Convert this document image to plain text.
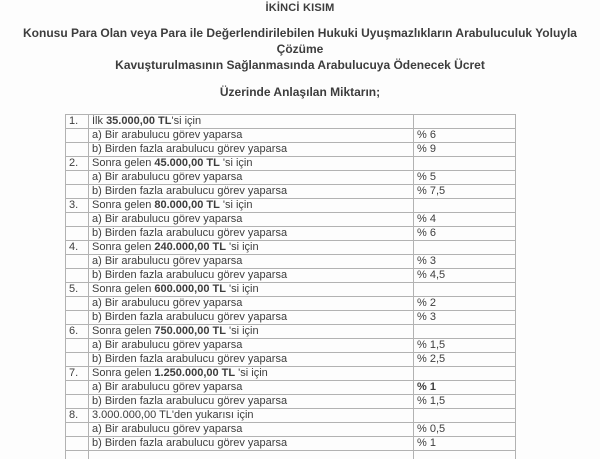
İKİNCİ KISIM
Konusu Para Olan veya Para ile Değerlendirilebilen Hukuki Uyuşmazlıkların Arabuluculuk Yoluyla Çözüme
Kavuşturulmasının Sağlanmasında Arabulucuya Ödenecek Ücret
Üzerinde Anlaşılan Miktarın;
1.	İlk 35.000,00 TL'si için	
	a) Bir arabulucu görev yaparsa	% 6
	b) Birden fazla arabulucu görev yaparsa	% 9
2.	Sonra gelen 45.000,00 TL 'si için	
	a) Bir arabulucu görev yaparsa	% 5
	b) Birden fazla arabulucu görev yaparsa	% 7,5
3.	Sonra gelen 80.000,00 TL 'si için	
	a) Bir arabulucu görev yaparsa	% 4
	b) Birden fazla arabulucu görev yaparsa	% 6
4.	Sonra gelen 240.000,00 TL 'si için	
	a) Bir arabulucu görev yaparsa	% 3
	b) Birden fazla arabulucu görev yaparsa	% 4,5
5.	Sonra gelen 600.000,00 TL 'si için	
	a) Bir arabulucu görev yaparsa	% 2
	b) Birden fazla arabulucu görev yaparsa	% 3
6.	Sonra gelen 750.000,00 TL 'si için	
	a) Bir arabulucu görev yaparsa	% 1,5
	b) Birden fazla arabulucu görev yaparsa	% 2,5
7.	Sonra gelen 1.250.000,00 TL 'si için	
	a) Bir arabulucu görev yaparsa	% 1
	b) Birden fazla arabulucu görev yaparsa	% 1,5
8.	3.000.000,00 TL'den yukarısı için	
	a) Bir arabulucu görev yaparsa	% 0,5
	b) Birden fazla arabulucu görev yaparsa	% 1
